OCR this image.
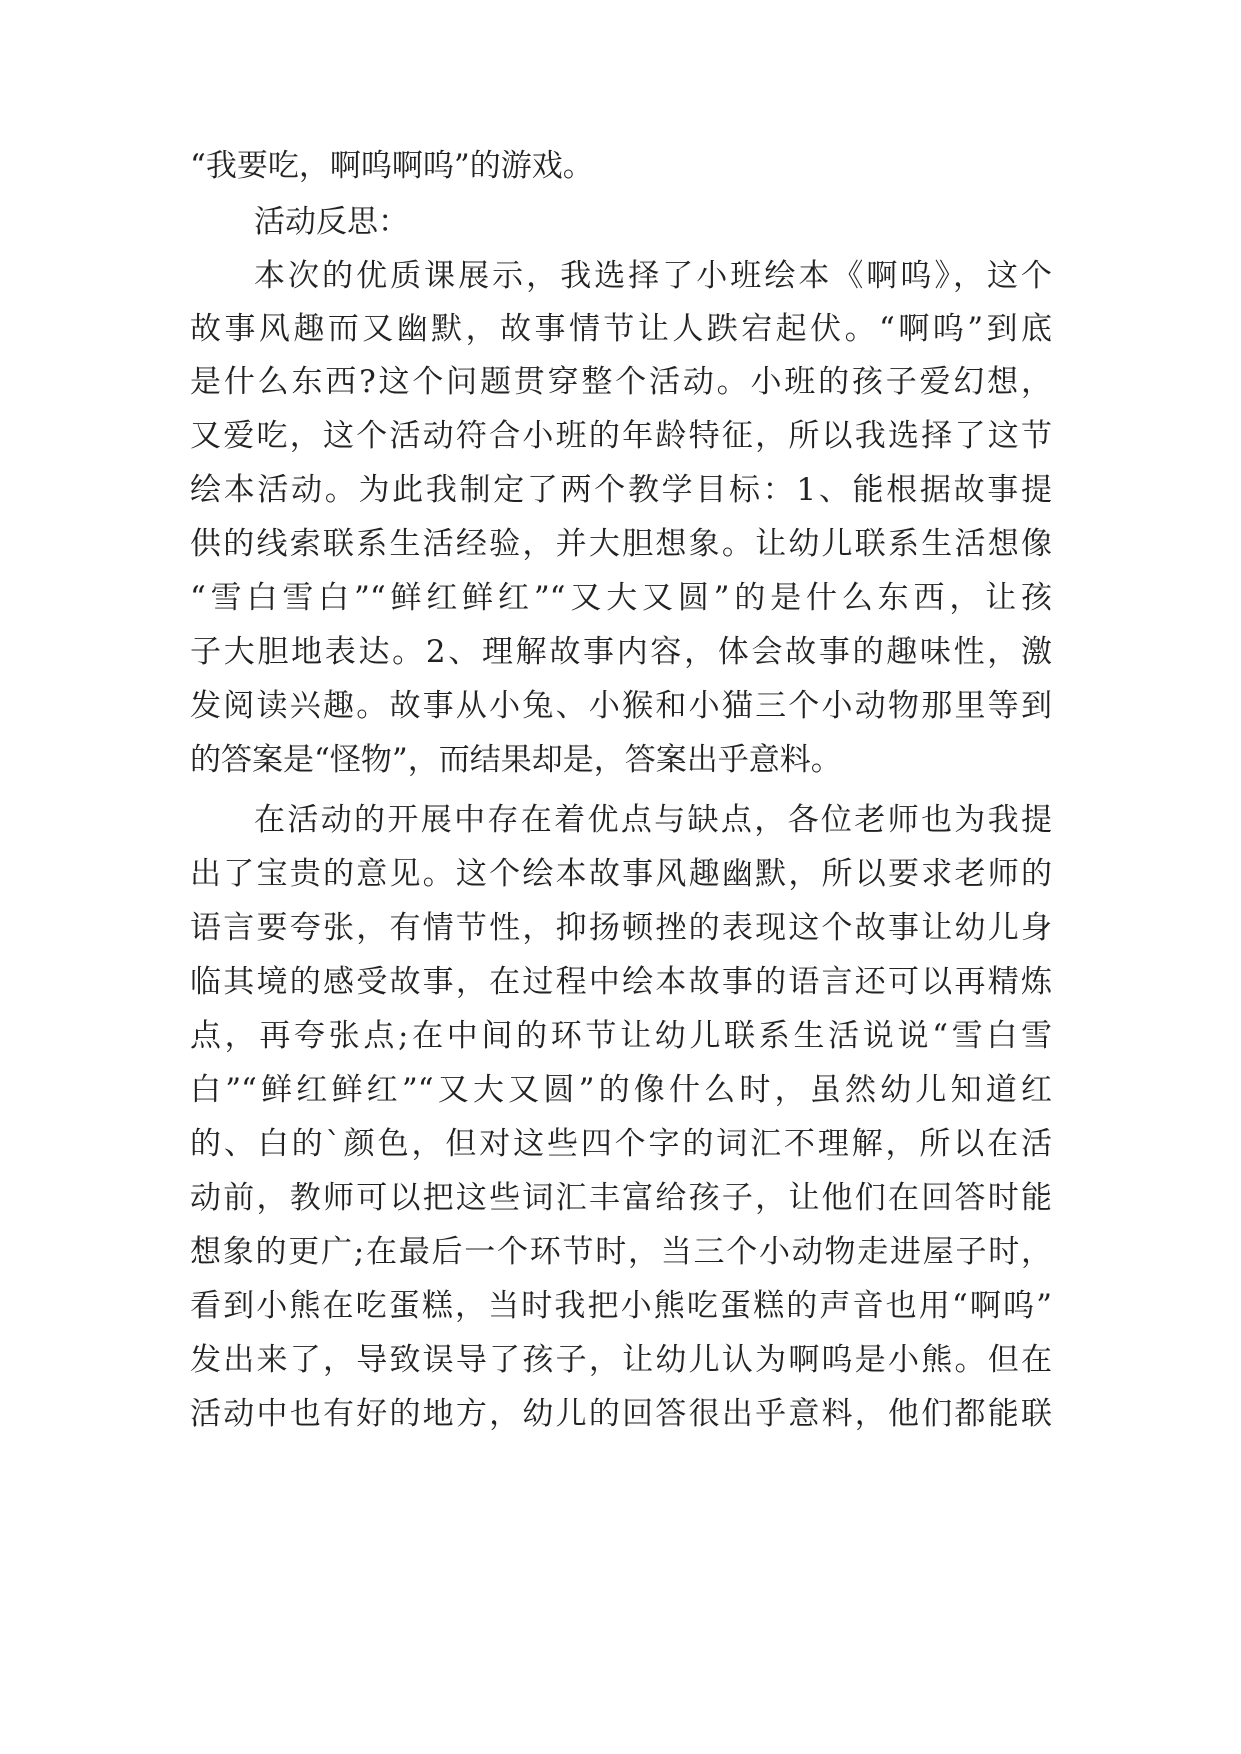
“我要吃，啊呜啊呜”的游戏。
活动反思：
本次的优质课展示，我选择了小班绘本《啊呜》，这个
故事风趣而又幽默，故事情节让人跌宕起伏。“啊呜”到底
是什么东西?这个问题贯穿整个活动。小班的孩子爱幻想，
又爱吃，这个活动符合小班的年龄特征，所以我选择了这节
绘本活动。为此我制定了两个教学目标：1、能根据故事提
供的线索联系生活经验，并大胆想象。让幼儿联系生活想像
“雪白雪白”“鲜红鲜红”“又大又圆”的是什么东西，让孩
子大胆地表达。2、理解故事内容，体会故事的趣味性，激
发阅读兴趣。故事从小兔、小猴和小猫三个小动物那里等到
的答案是“怪物”，而结果却是，答案出乎意料。
在活动的开展中存在着优点与缺点，各位老师也为我提
出了宝贵的意见。这个绘本故事风趣幽默，所以要求老师的
语言要夸张，有情节性，抑扬顿挫的表现这个故事让幼儿身
临其境的感受故事，在过程中绘本故事的语言还可以再精炼
点，再夸张点;在中间的环节让幼儿联系生活说说“雪白雪
白”“鲜红鲜红”“又大又圆”的像什么时，虽然幼儿知道红
的、白的`颜色，但对这些四个字的词汇不理解，所以在活
动前，教师可以把这些词汇丰富给孩子，让他们在回答时能
想象的更广;在最后一个环节时，当三个小动物走进屋子时，
看到小熊在吃蛋糕，当时我把小熊吃蛋糕的声音也用“啊呜”
发出来了，导致误导了孩子，让幼儿认为啊呜是小熊。但在
活动中也有好的地方，幼儿的回答很出乎意料，他们都能联
